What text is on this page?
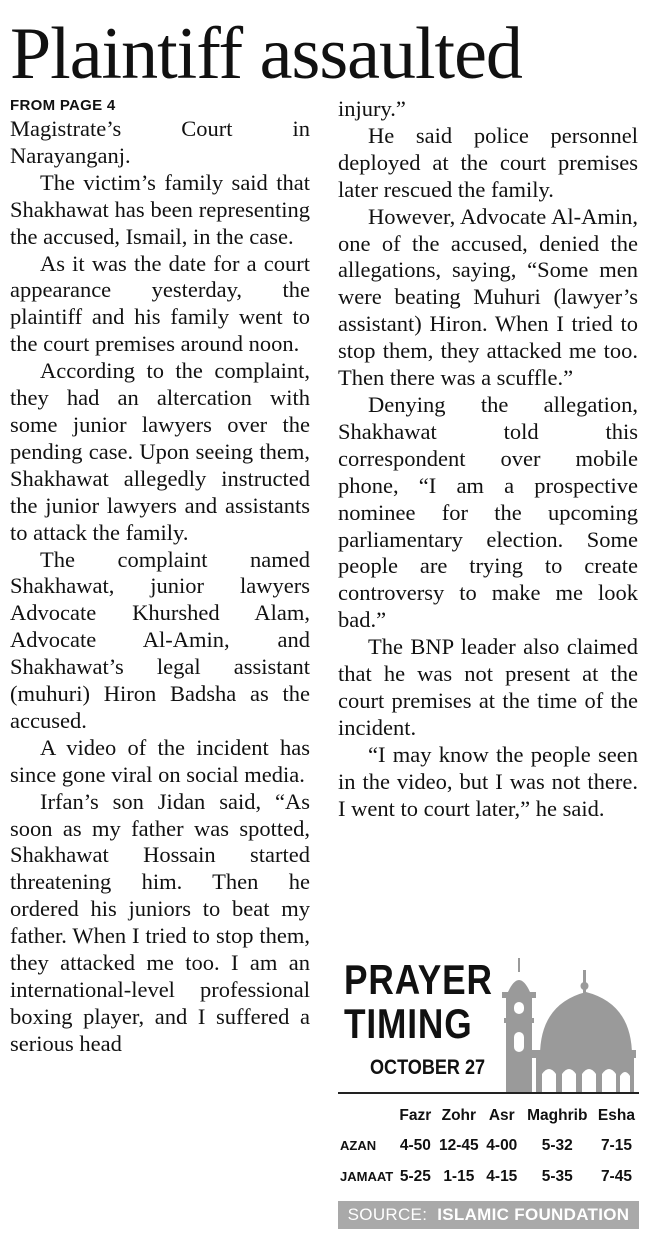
Plaintiff assaulted
FROM PAGE 4

Magistrate’s Court in Narayanganj.

The victim’s family said that Shakhawat has been representing the accused, Ismail, in the case.

As it was the date for a court appearance yesterday, the plaintiff and his family went to the court premises around noon.

According to the complaint, they had an altercation with some junior lawyers over the pending case. Upon seeing them, Shakhawat allegedly instructed the junior lawyers and assistants to attack the family.

The complaint named Shakhawat, junior lawyers Advocate Khurshed Alam, Advocate Al-Amin, and Shakhawat’s legal assistant (muhuri) Hiron Badsha as the accused.

A video of the incident has since gone viral on social media.

Irfan’s son Jidan said, “As soon as my father was spotted, Shakhawat Hossain started threatening him. Then he ordered his juniors to beat my father. When I tried to stop them, they attacked me too. I am an international-level professional boxing player, and I suffered a serious head

injury.”

He said police personnel deployed at the court premises later rescued the family.

However, Advocate Al-Amin, one of the accused, denied the allegations, saying, “Some men were beating Muhuri (lawyer’s assistant) Hiron. When I tried to stop them, they attacked me too. Then there was a scuffle.”

Denying the allegation, Shakhawat told this correspondent over mobile phone, “I am a prospective nominee for the upcoming parliamentary election. Some people are trying to create controversy to make me look bad.”

The BNP leader also claimed that he was not present at the court premises at the time of the incident.

“I may know the people seen in the video, but I was not there. I went to court later,” he said.

PRAYER
TIMING
OCTOBER 27
	Fazr	Zohr	Asr	Maghrib	Esha
AZAN	4-50	12-45	4-00	5-32	7-15
JAMAAT	5-25	1-15	4-15	5-35	7-45
SOURCE: ISLAMIC FOUNDATION
